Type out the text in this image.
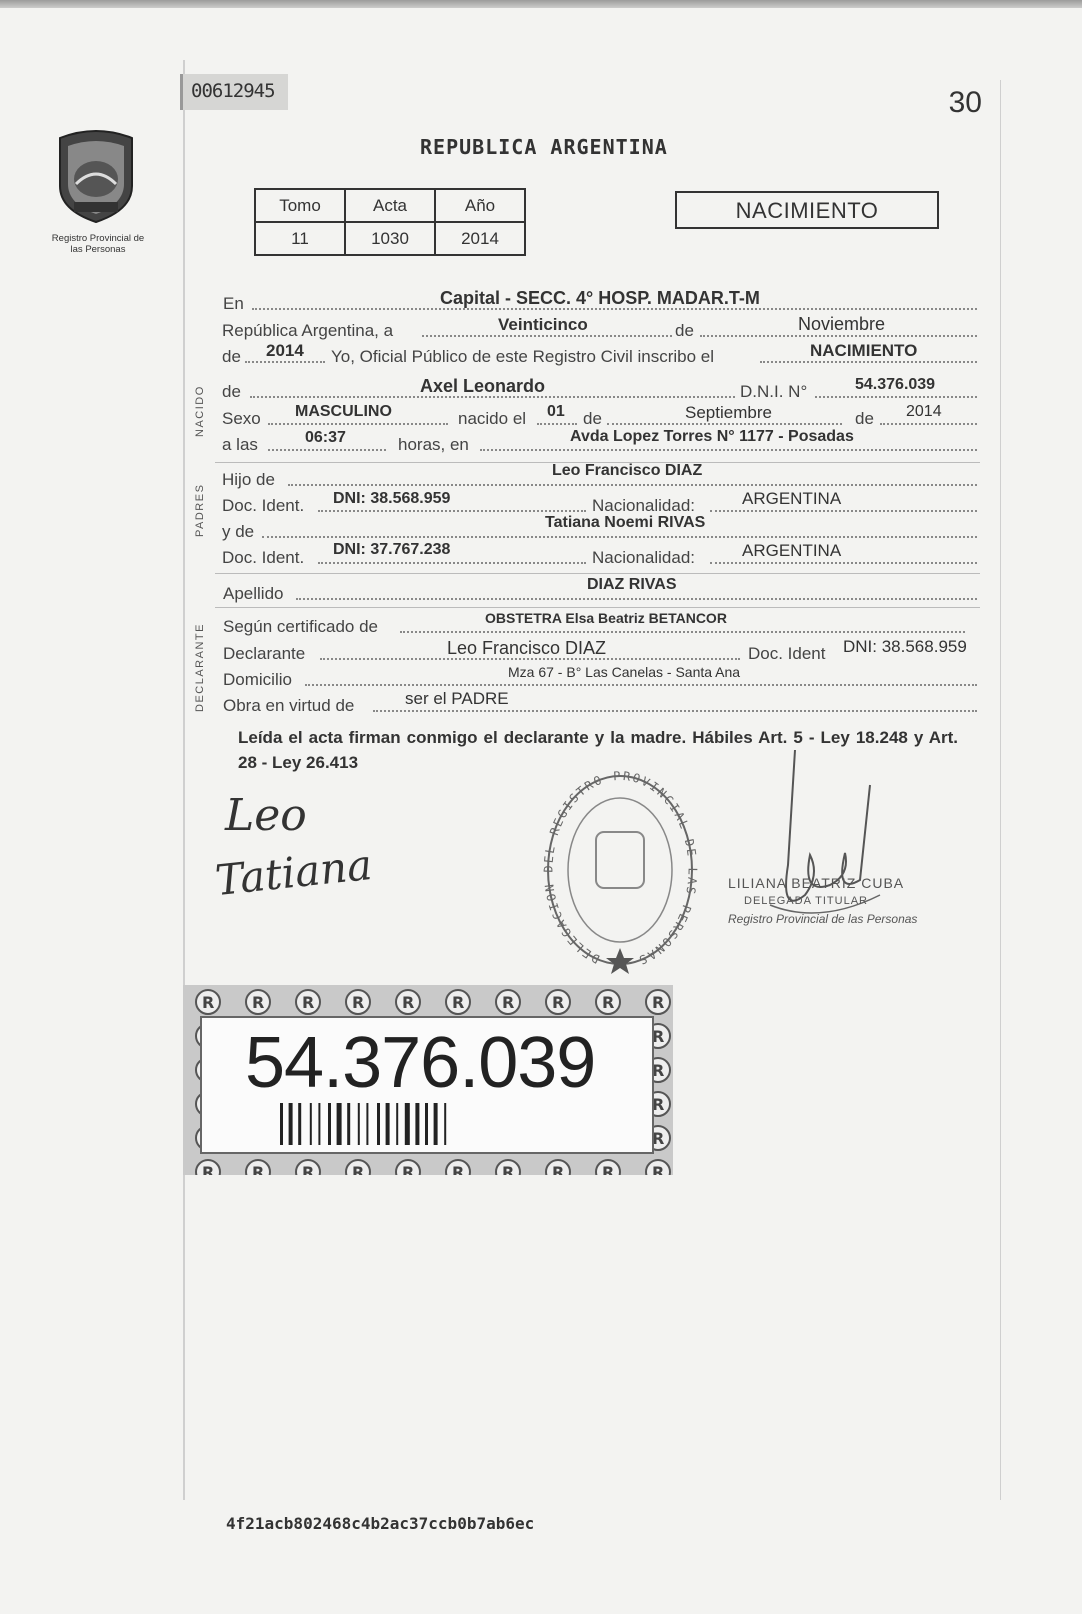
00612945	30
Registro Provincial de las Personas
REPUBLICA ARGENTINA
Tomo	Acta	Año
11	1030	2014
NACIMIENTO
NACIDO
PADRES
DECLARANTE
En	Capital - SECC. 4° HOSP. MADAR.T-M
República Argentina, a	Veinticinco	de	Noviembre
de 2014 Yo, Oficial Público de este Registro Civil inscribo el	NACIMIENTO
de	Axel Leonardo	D.N.I. N°	54.376.039
Sexo MASCULINO	nacido el 01 de	Septiembre	de 2014
a las	06:37	horas, en	Avda Lopez Torres N° 1177 - Posadas
Hijo de	Leo Francisco DIAZ
Doc. Ident. DNI: 38.568.959	Nacionalidad:	ARGENTINA
y de	Tatiana Noemi RIVAS
Doc. Ident. DNI: 37.767.238	Nacionalidad:	ARGENTINA
Apellido	DIAZ RIVAS
Según certificado de	OBSTETRA Elsa Beatriz BETANCOR
Declarante	Leo Francisco DIAZ	Doc. Ident DNI: 38.568.959
Domicilio	Mza 67 - B° Las Canelas - Santa Ana
Obra en virtud de	ser el PADRE
Leída el acta firman conmigo el declarante y la madre. Hábiles Art. 5 - Ley 18.248 y Art. 28 - Ley 26.413
Leo
Tatiana
DELEGACION DEL REGISTRO PROVINCIAL DE LAS PERSONAS
LILIANA BEATRIZ CUBA
DELEGADA TITULAR
Registro Provincial de las Personas
54.376.039
4f21acb802468c4b2ac37ccb0b7ab6ec
